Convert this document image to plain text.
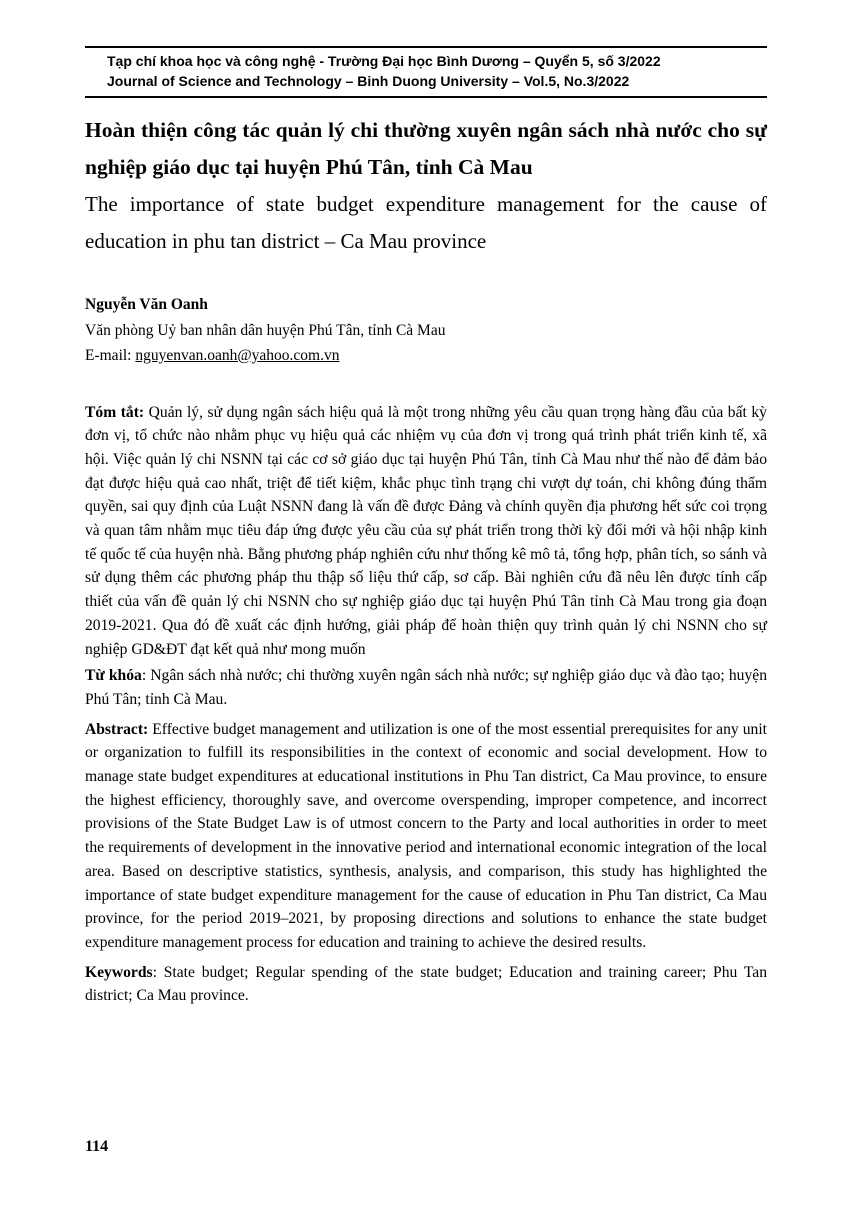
Tạp chí khoa học và công nghệ - Trường Đại học Bình Dương – Quyển 5, số 3/2022
Journal of Science and Technology – Binh Duong University – Vol.5, No.3/2022
Hoàn thiện công tác quản lý chi thường xuyên ngân sách nhà nước cho sự nghiệp giáo dục tại huyện Phú Tân, tỉnh Cà Mau
The importance of state budget expenditure management for the cause of education in phu tan district – Ca Mau province
Nguyễn Văn Oanh
Văn phòng Uỷ ban nhân dân huyện Phú Tân, tỉnh Cà Mau
E-mail: nguyenvan.oanh@yahoo.com.vn

Tóm tắt: Quản lý, sử dụng ngân sách hiệu quả là một trong những yêu cầu quan trọng hàng đầu của bất kỳ đơn vị, tổ chức nào nhằm phục vụ hiệu quả các nhiệm vụ của đơn vị trong quá trình phát triển kinh tế, xã hội. Việc quản lý chi NSNN tại các cơ sở giáo dục tại huyện Phú Tân, tỉnh Cà Mau như thế nào để đảm bảo đạt được hiệu quả cao nhất, triệt để tiết kiệm, khắc phục tình trạng chi vượt dự toán, chi không đúng thẩm quyền, sai quy định của Luật NSNN đang là vấn đề được Đảng và chính quyền địa phương hết sức coi trọng và quan tâm nhằm mục tiêu đáp ứng được yêu cầu của sự phát triển trong thời kỳ đổi mới và hội nhập kinh tế quốc tế của huyện nhà. Bằng phương pháp nghiên cứu như thống kê mô tả, tổng hợp, phân tích, so sánh và sử dụng thêm các phương pháp thu thập số liệu thứ cấp, sơ cấp. Bài nghiên cứu đã nêu lên được tính cấp thiết của vấn đề quản lý chi NSNN cho sự nghiệp giáo dục tại huyện Phú Tân tỉnh Cà Mau trong gia đoạn 2019-2021. Qua đó đề xuất các định hướng, giải pháp để hoàn thiện quy trình quản lý chi NSNN cho sự nghiệp GD&ĐT đạt kết quả như mong muốn

Từ khóa: Ngân sách nhà nước; chi thường xuyên ngân sách nhà nước; sự nghiệp giáo dục và đào tạo; huyện Phú Tân; tỉnh Cà Mau.

Abstract: Effective budget management and utilization is one of the most essential prerequisites for any unit or organization to fulfill its responsibilities in the context of economic and social development. How to manage state budget expenditures at educational institutions in Phu Tan district, Ca Mau province, to ensure the highest efficiency, thoroughly save, and overcome overspending, improper competence, and incorrect provisions of the State Budget Law is of utmost concern to the Party and local authorities in order to meet the requirements of development in the innovative period and international economic integration of the local area. Based on descriptive statistics, synthesis, analysis, and comparison, this study has highlighted the importance of state budget expenditure management for the cause of education in Phu Tan district, Ca Mau province, for the period 2019–2021, by proposing directions and solutions to enhance the state budget expenditure management process for education and training to achieve the desired results.

Keywords: State budget; Regular spending of the state budget; Education and training career; Phu Tan district; Ca Mau province.

114
